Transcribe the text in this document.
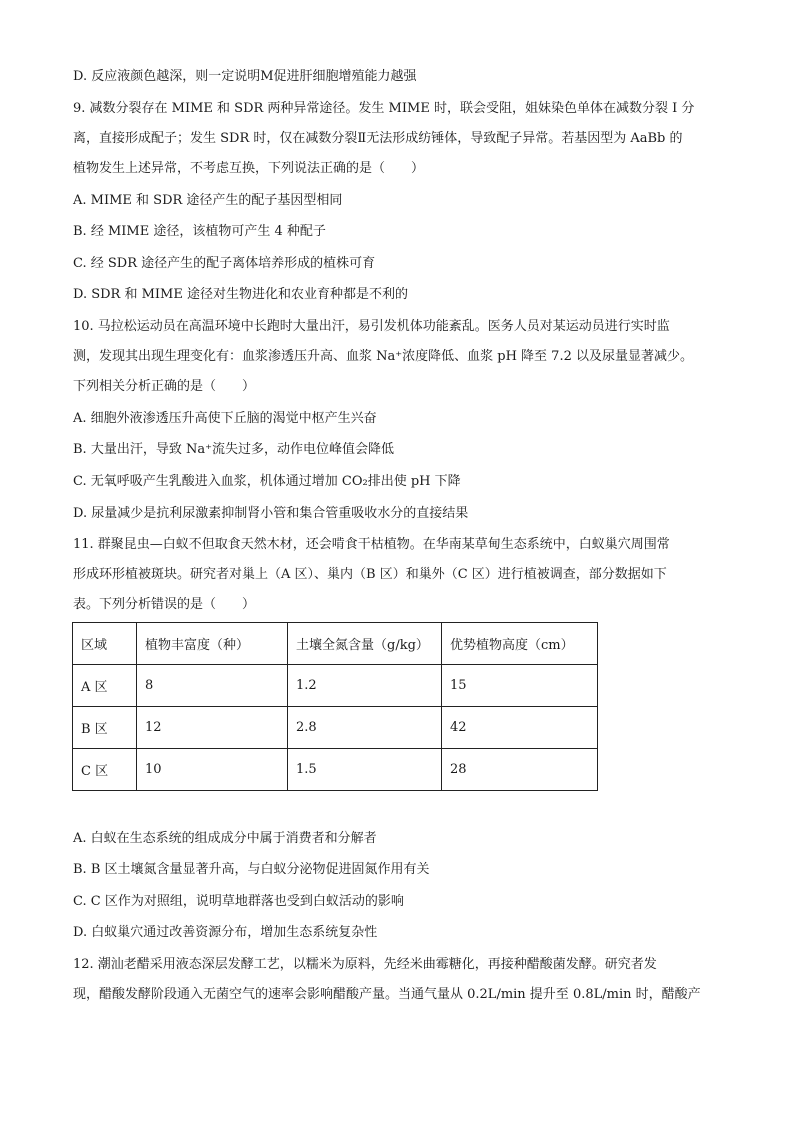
D. 反应液颜色越深，则一定说明M促进肝细胞增殖能力越强
9. 减数分裂存在 MIME 和 SDR 两种异常途径。发生 MIME 时，联会受阻，姐妹染色单体在减数分裂 I 分
离，直接形成配子；发生 SDR 时，仅在减数分裂Ⅱ无法形成纺锤体，导致配子异常。若基因型为 AaBb 的
植物发生上述异常，不考虑互换，下列说法正确的是（　　）
A. MIME 和 SDR 途径产生的配子基因型相同
B. 经 MIME 途径，该植物可产生 4 种配子
C. 经 SDR 途径产生的配子离体培养形成的植株可育
D. SDR 和 MIME 途径对生物进化和农业育种都是不利的
10. 马拉松运动员在高温环境中长跑时大量出汗，易引发机体功能紊乱。医务人员对某运动员进行实时监
测，发现其出现生理变化有：血浆渗透压升高、血浆 Na⁺浓度降低、血浆 pH 降至 7.2 以及尿量显著减少。
下列相关分析正确的是（　　）
A. 细胞外液渗透压升高使下丘脑的渴觉中枢产生兴奋
B. 大量出汗，导致 Na⁺流失过多，动作电位峰值会降低
C. 无氧呼吸产生乳酸进入血浆，机体通过增加 CO₂排出使 pH 下降
D. 尿量减少是抗利尿激素抑制肾小管和集合管重吸收水分的直接结果
11. 群聚昆虫—白蚁不但取食天然木材，还会啃食干枯植物。在华南某草甸生态系统中，白蚁巢穴周围常
形成环形植被斑块。研究者对巢上（A 区）、巢内（B 区）和巢外（C 区）进行植被调查，部分数据如下
表。下列分析错误的是（　　）
区域	植物丰富度（种）	土壤全氮含量（g/kg）	优势植物高度（cm）
A 区	8	1.2	15
B 区	12	2.8	42
C 区	10	1.5	28
A. 白蚁在生态系统的组成成分中属于消费者和分解者
B. B 区土壤氮含量显著升高，与白蚁分泌物促进固氮作用有关
C. C 区作为对照组，说明草地群落也受到白蚁活动的影响
D. 白蚁巢穴通过改善资源分布，增加生态系统复杂性
12. 潮汕老醋采用液态深层发酵工艺，以糯米为原料，先经米曲霉糖化，再接种醋酸菌发酵。研究者发
现，醋酸发酵阶段通入无菌空气的速率会影响醋酸产量。当通气量从 0.2L/min 提升至 0.8L/min 时，醋酸产
